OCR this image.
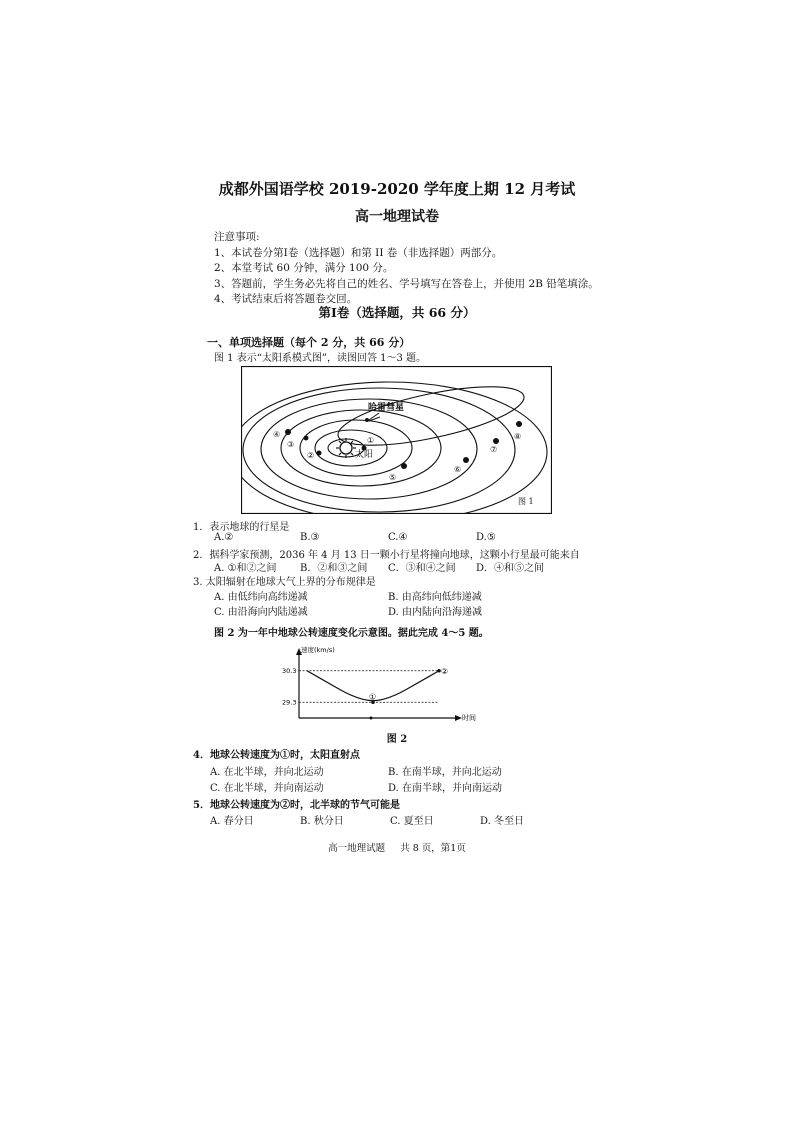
成都外国语学校 2019-2020 学年度上期 12 月考试
高一地理试卷
注意事项:
1、本试卷分第Ⅰ卷（选择题）和第 II 卷（非选择题）两部分。
2、本堂考试 60 分钟，满分 100 分。
3、答题前，学生务必先将自己的姓名、学号填写在答卷上，并使用 2B 铅笔填涂。
4、考试结束后将答题卷交回。
第Ⅰ卷（选择题，共 66 分）
一、单项选择题（每个 2 分，共 66 分）
图 1 表示“太阳系模式图”，读图回答 1～3 题。
哈雷彗星
太阳
①
②
③
④
⑤
⑥
⑦
⑧
图 1
1．表示地球的行星是
A.②	B.③	C.④	D.⑤
2．据科学家预测，2036 年 4 月 13 日一颗小行星将撞向地球，这颗小行星最可能来自
A. ①和②之间 B．②和③之间 C．③和④之间 D．④和⑤之间
3. 太阳辐射在地球大气上界的分布规律是
A. 由低纬向高纬递减	B. 由高纬向低纬递减
C. 由沿海向内陆递减	D. 由内陆向沿海递减
图 2 为一年中地球公转速度变化示意图。据此完成 4～5 题。
速度(km/s)
时间
30.3
29.3
①
②
图 2
4．地球公转速度为①时，太阳直射点
A. 在北半球，并向北运动	B. 在南半球，并向北运动
C. 在北半球，并向南运动	D. 在南半球，并向南运动
5．地球公转速度为②时，北半球的节气可能是
A. 春分日	B. 秋分日	C. 夏至日	D. 冬至日
高一地理试题 共 8 页，第1页
